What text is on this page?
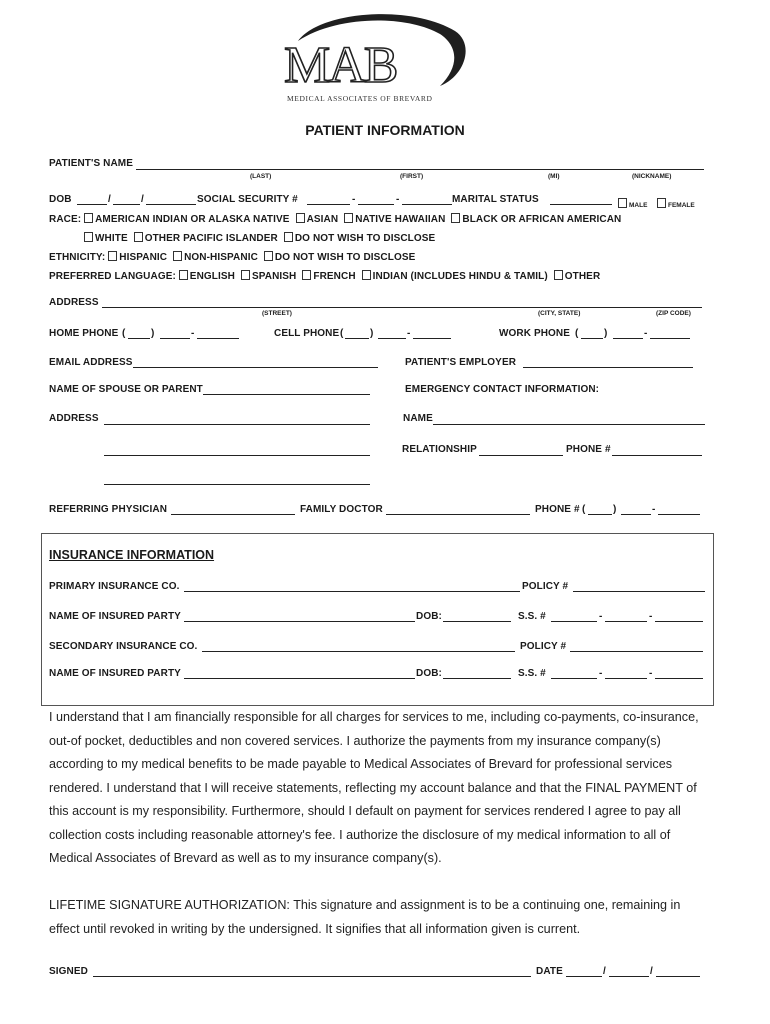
MAB
MEDICAL ASSOCIATES OF BREVARD
PATIENT INFORMATION
PATIENT'S NAME
(LAST)	(FIRST)	(MI)	(NICKNAME)
DOB	/	/	SOCIAL SECURITY #	-	-	MARITAL STATUS
MALE	FEMALE
RACE: AMERICAN INDIAN OR ALASKA NATIVE ASIAN NATIVE HAWAIIAN BLACK OR AFRICAN AMERICAN
WHITE OTHER PACIFIC ISLANDER DO NOT WISH TO DISCLOSE
ETHNICITY: HISPANIC NON-HISPANIC DO NOT WISH TO DISCLOSE
PREFERRED LANGUAGE: ENGLISH SPANISH FRENCH INDIAN (INCLUDES HINDU & TAMIL) OTHER
ADDRESS
(STREET)	(CITY, STATE)	(ZIP CODE)
HOME PHONE (	)	-	CELL PHONE (	)	-	WORK PHONE (	)	-
EMAIL ADDRESS	PATIENT'S EMPLOYER
NAME OF SPOUSE OR PARENT	EMERGENCY CONTACT INFORMATION:
ADDRESS	NAME
RELATIONSHIP	PHONE #
REFERRING PHYSICIAN	FAMILY DOCTOR	PHONE # (	)	-
INSURANCE INFORMATION
PRIMARY INSURANCE CO.	POLICY #
NAME OF INSURED PARTY	DOB:	S.S. #	-	-
SECONDARY INSURANCE CO.	POLICY #
NAME OF INSURED PARTY	DOB:	S.S. #	-	-
I understand that I am financially responsible for all charges for services to me, including co-payments, co-insurance, out-of pocket, deductibles and non covered services. I authorize the payments from my insurance company(s) according to my medical benefits to be made payable to Medical Associates of Brevard for professional services rendered. I understand that I will receive statements, reflecting my account balance and that the FINAL PAYMENT of this account is my responsibility. Furthermore, should I default on payment for services rendered I agree to pay all collection costs including reasonable attorney's fee. I authorize the disclosure of my medical information to all of Medical Associates of Brevard as well as to my insurance company(s).
LIFETIME SIGNATURE AUTHORIZATION: This signature and assignment is to be a continuing one, remaining in effect until revoked in writing by the undersigned. It signifies that all information given is current.
SIGNED	DATE	/	/
